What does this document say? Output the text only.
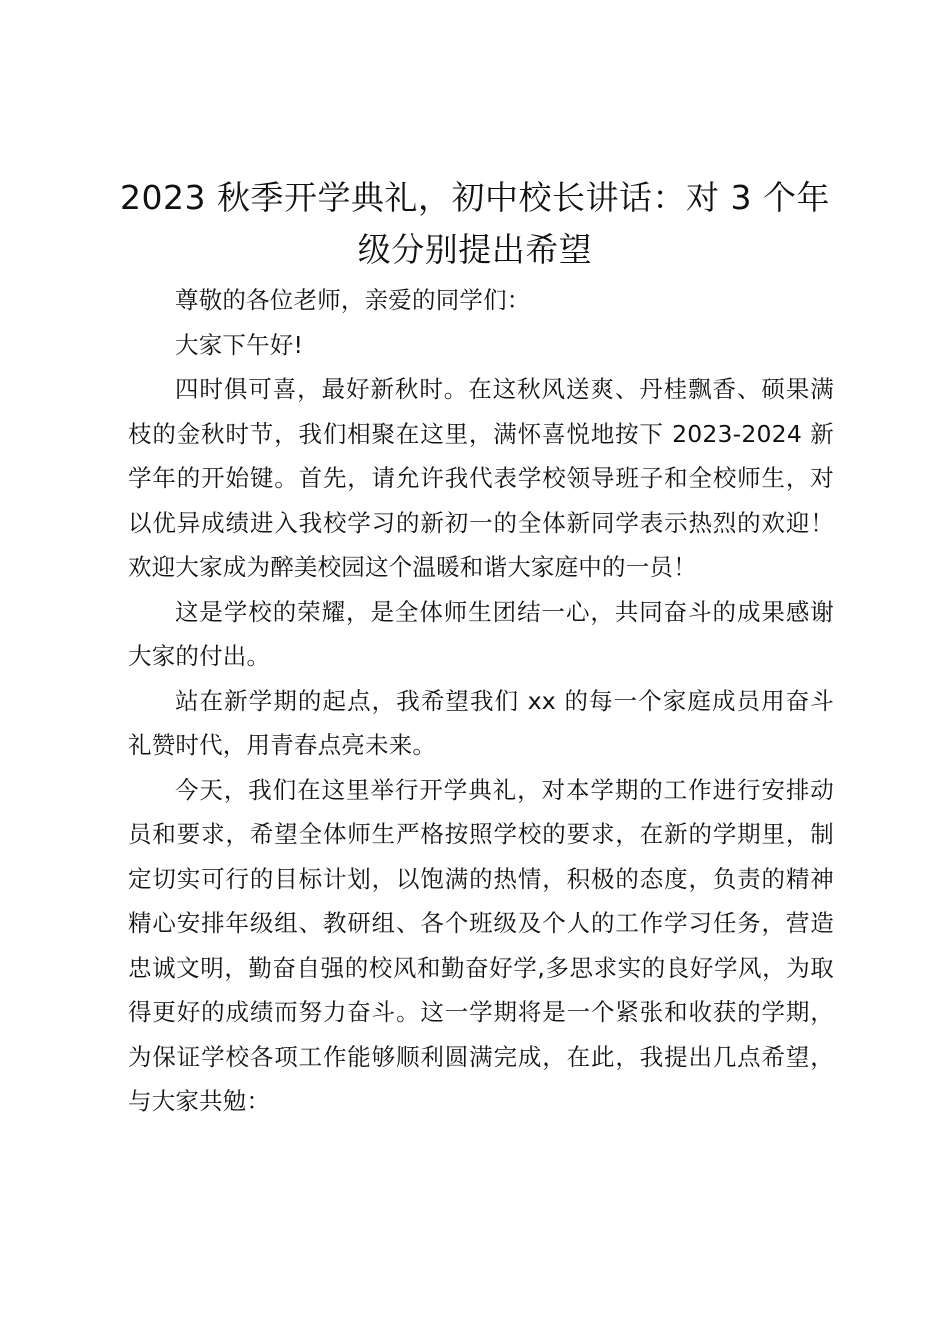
2023 秋季开学典礼，初中校长讲话：对 3 个年级分别提出希望

尊敬的各位老师，亲爱的同学们：

大家下午好!

四时俱可喜，最好新秋时。在这秋风送爽、丹桂飘香、硕果满枝的金秋时节，我们相聚在这里，满怀喜悦地按下 2023-2024 新学年的开始键。首先，请允许我代表学校领导班子和全校师生，对以优异成绩进入我校学习的新初一的全体新同学表示热烈的欢迎！欢迎大家成为醉美校园这个温暖和谐大家庭中的一员！

这是学校的荣耀，是全体师生团结一心，共同奋斗的成果感谢大家的付出。

站在新学期的起点，我希望我们 xx 的每一个家庭成员用奋斗礼赞时代，用青春点亮未来。

今天，我们在这里举行开学典礼，对本学期的工作进行安排动员和要求，希望全体师生严格按照学校的要求，在新的学期里，制定切实可行的目标计划，以饱满的热情，积极的态度，负责的精神精心安排年级组、教研组、各个班级及个人的工作学习任务，营造忠诚文明，勤奋自强的校风和勤奋好学,多思求实的良好学风，为取得更好的成绩而努力奋斗。这一学期将是一个紧张和收获的学期，为保证学校各项工作能够顺利圆满完成，在此，我提出几点希望，与大家共勉：
